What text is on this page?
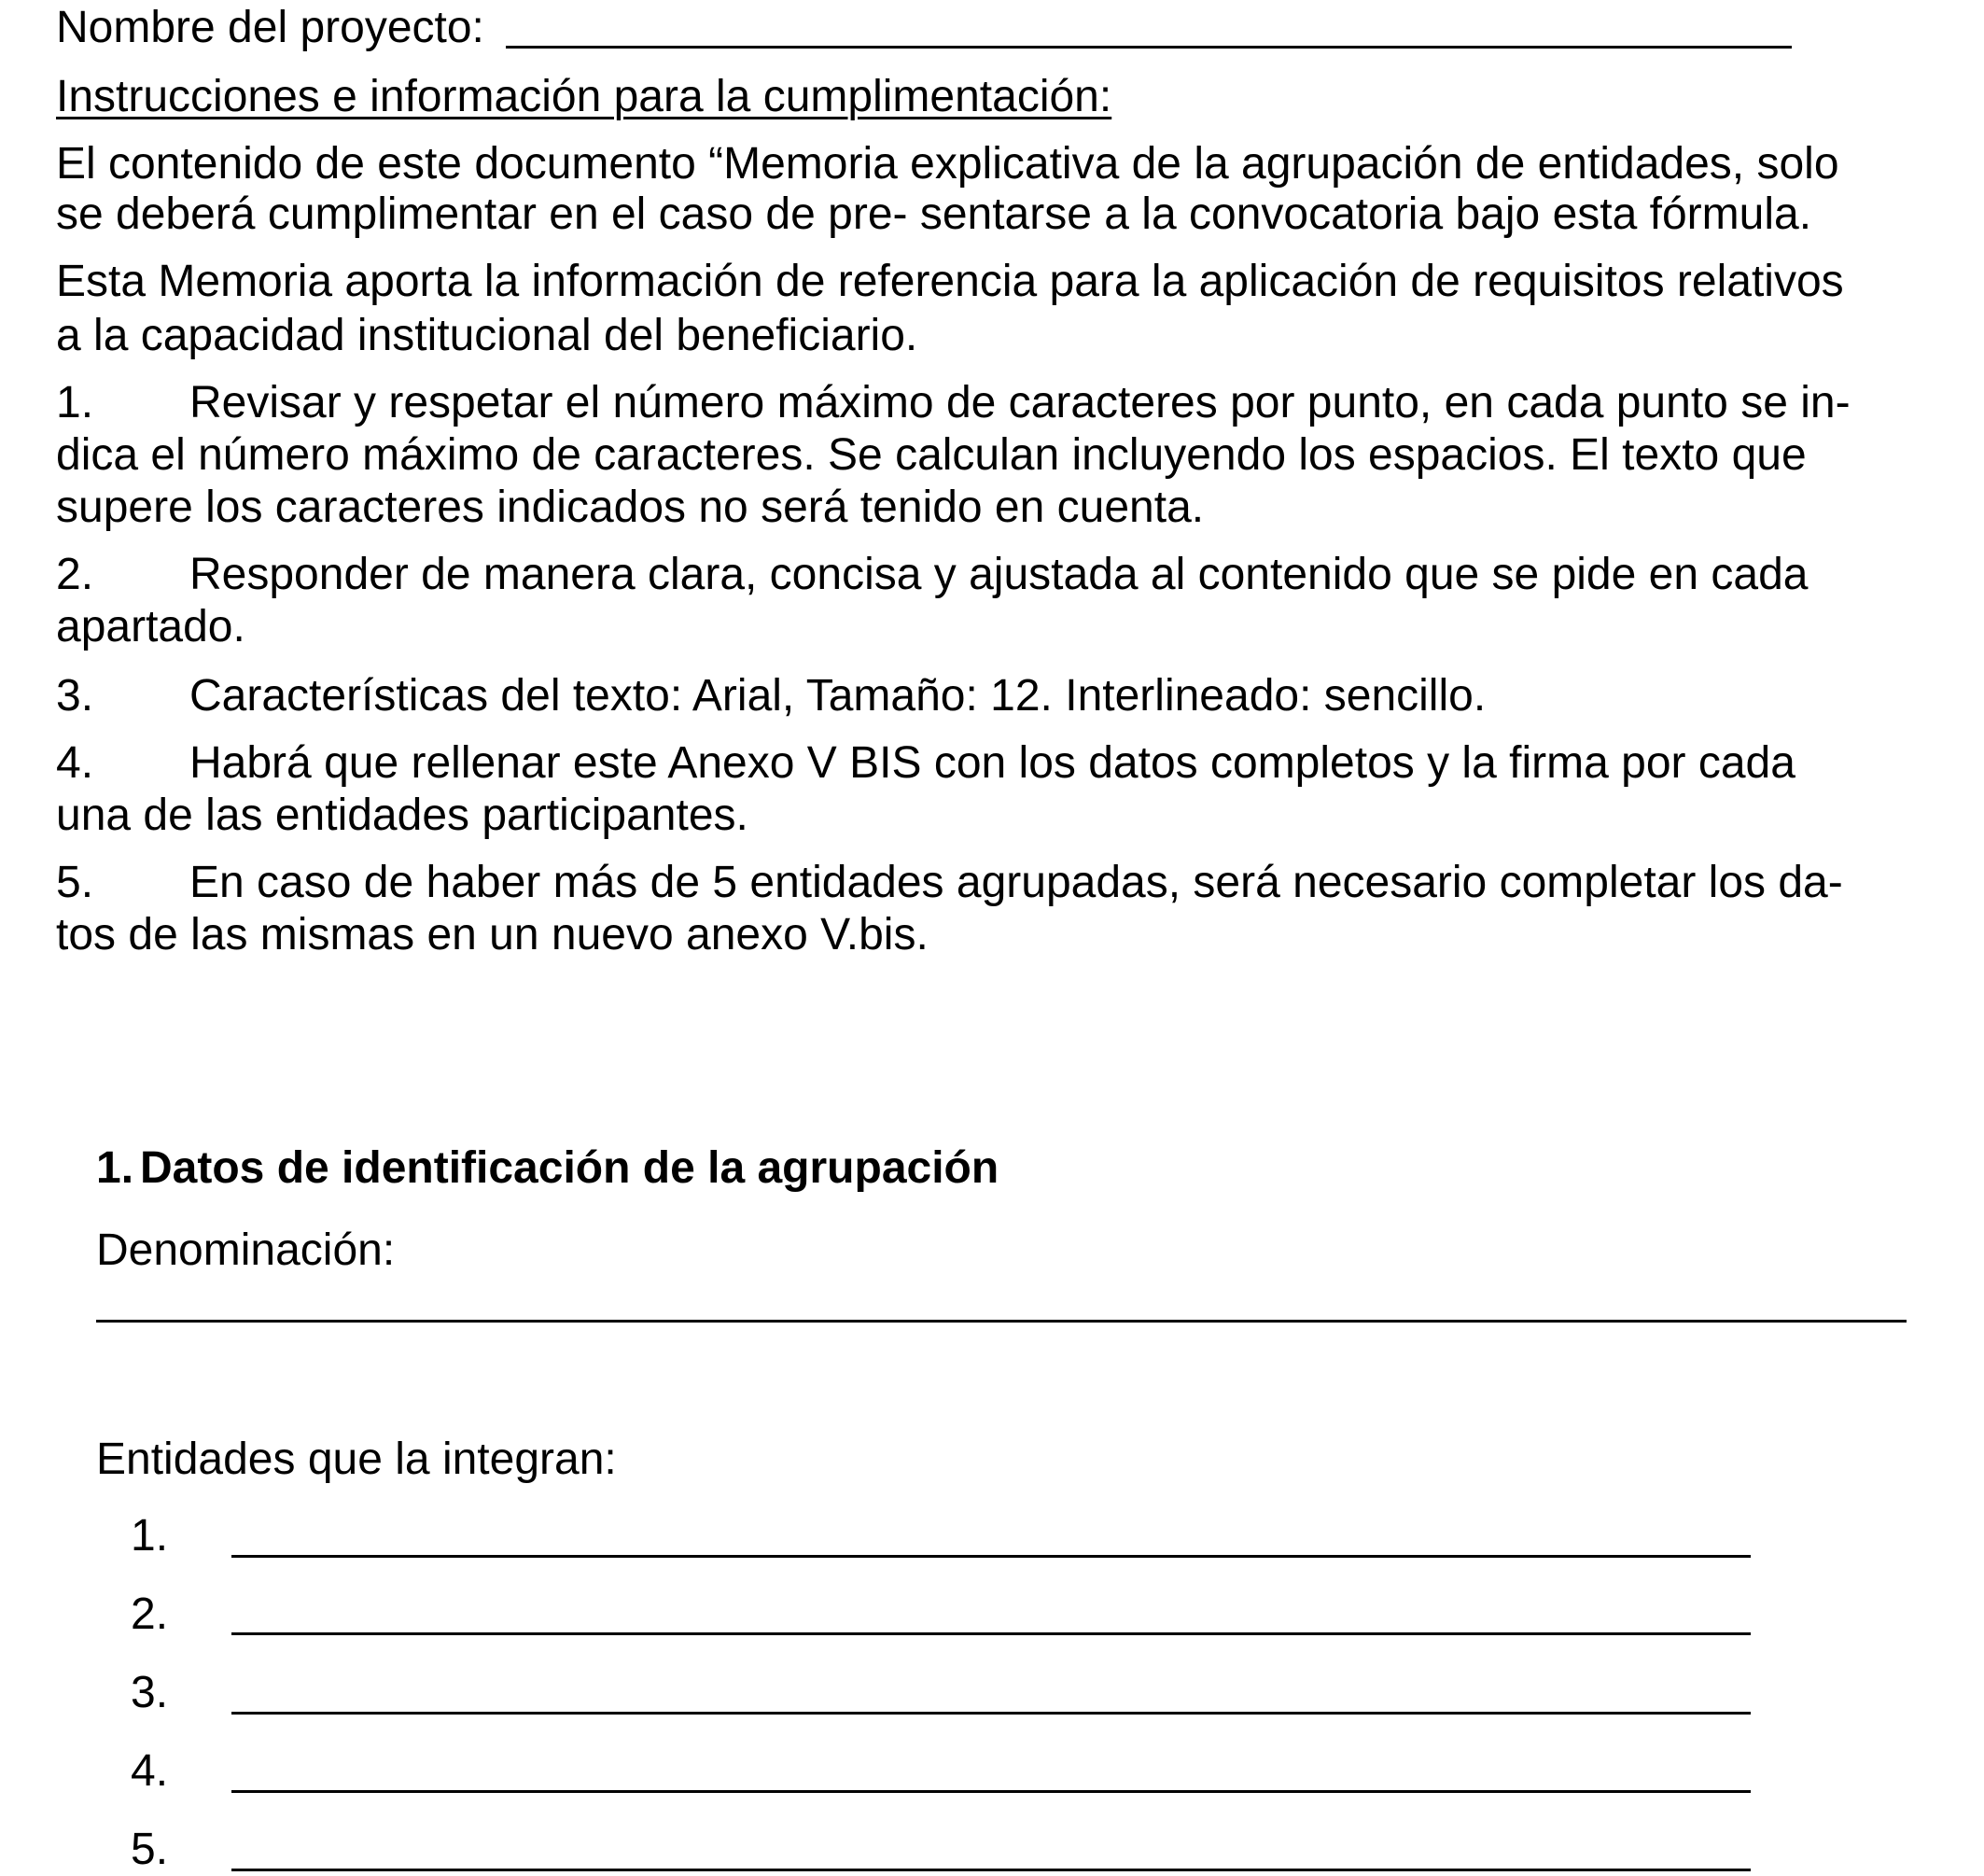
Nombre del proyecto:
Instrucciones e información para la cumplimentación:
El contenido de este documento “Memoria explicativa de la agrupación de entidades, solo
se deberá cumplimentar en el caso de pre- sentarse a la convocatoria bajo esta fórmula.
Esta Memoria aporta la información de referencia para la aplicación de requisitos relativos
a la capacidad institucional del beneficiario.
1. Revisar y respetar el número máximo de caracteres por punto, en cada punto se in-
dica el número máximo de caracteres. Se calculan incluyendo los espacios. El texto que
supere los caracteres indicados no será tenido en cuenta.
2. Responder de manera clara, concisa y ajustada al contenido que se pide en cada
apartado.
3. Características del texto: Arial, Tamaño: 12. Interlineado: sencillo.
4. Habrá que rellenar este Anexo V BIS con los datos completos y la firma por cada
una de las entidades participantes.
5. En caso de haber más de 5 entidades agrupadas, será necesario completar los da-
tos de las mismas en un nuevo anexo V.bis.
1. Datos de identificación de la agrupación
Denominación:
Entidades que la integran:
1.
2.
3.
4.
5.
